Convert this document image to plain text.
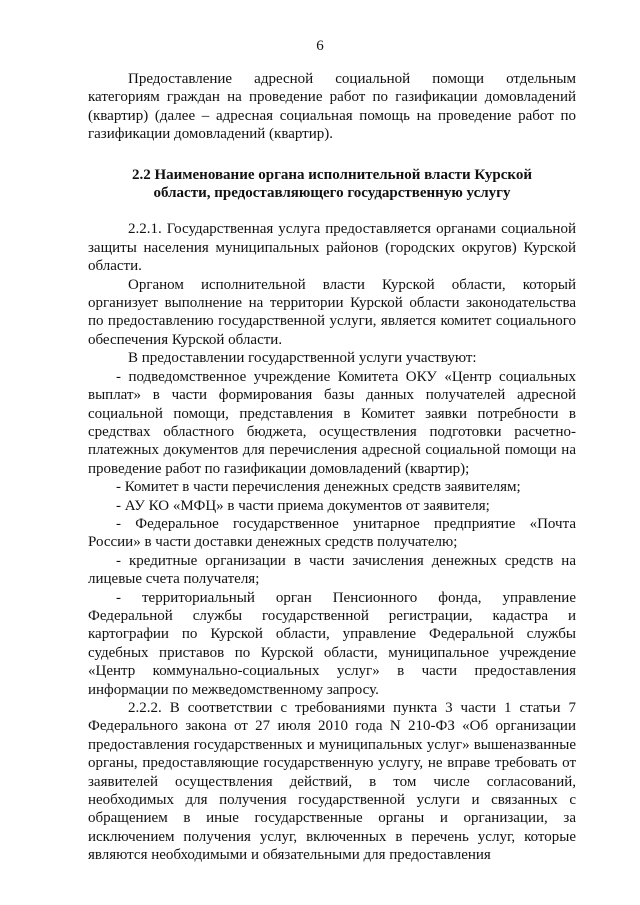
6

Предоставление адресной социальной помощи отдельным категориям граждан на проведение работ по газификации домовладений (квартир) (далее – адресная социальная помощь на проведение работ по газификации домовладений (квартир).

2.2 Наименование органа исполнительной власти Курской области, предоставляющего государственную услугу

2.2.1. Государственная услуга предоставляется органами социальной защиты населения муниципальных районов (городских округов) Курской области.

Органом исполнительной власти Курской области, который организует выполнение на территории Курской области законодательства по предоставлению государственной услуги, является комитет социального обеспечения Курской области.

В предоставлении государственной услуги участвуют:

- подведомственное учреждение Комитета ОКУ «Центр социальных выплат» в части формирования базы данных получателей адресной социальной помощи, представления в Комитет заявки потребности в средствах областного бюджета, осуществления подготовки расчетно-платежных документов для перечисления адресной социальной помощи на проведение работ по газификации домовладений (квартир);

- Комитет в части перечисления денежных средств заявителям;

- АУ КО «МФЦ» в части приема документов от заявителя;

- Федеральное государственное унитарное предприятие «Почта России» в части доставки денежных средств получателю;

- кредитные организации в части зачисления денежных средств на лицевые счета получателя;

- территориальный орган Пенсионного фонда, управление Федеральной службы государственной регистрации, кадастра и картографии по Курской области, управление Федеральной службы судебных приставов по Курской области, муниципальное учреждение «Центр коммунально-социальных услуг» в части предоставления информации по межведомственному запросу.

2.2.2. В соответствии с требованиями пункта 3 части 1 статьи 7 Федерального закона от 27 июля 2010 года N 210-ФЗ «Об организации предоставления государственных и муниципальных услуг» вышеназванные органы, предоставляющие государственную услугу, не вправе требовать от заявителей осуществления действий, в том числе согласований, необходимых для получения государственной услуги и связанных с обращением в иные государственные органы и организации, за исключением получения услуг, включенных в перечень услуг, которые являются необходимыми и обязательными для предоставления
